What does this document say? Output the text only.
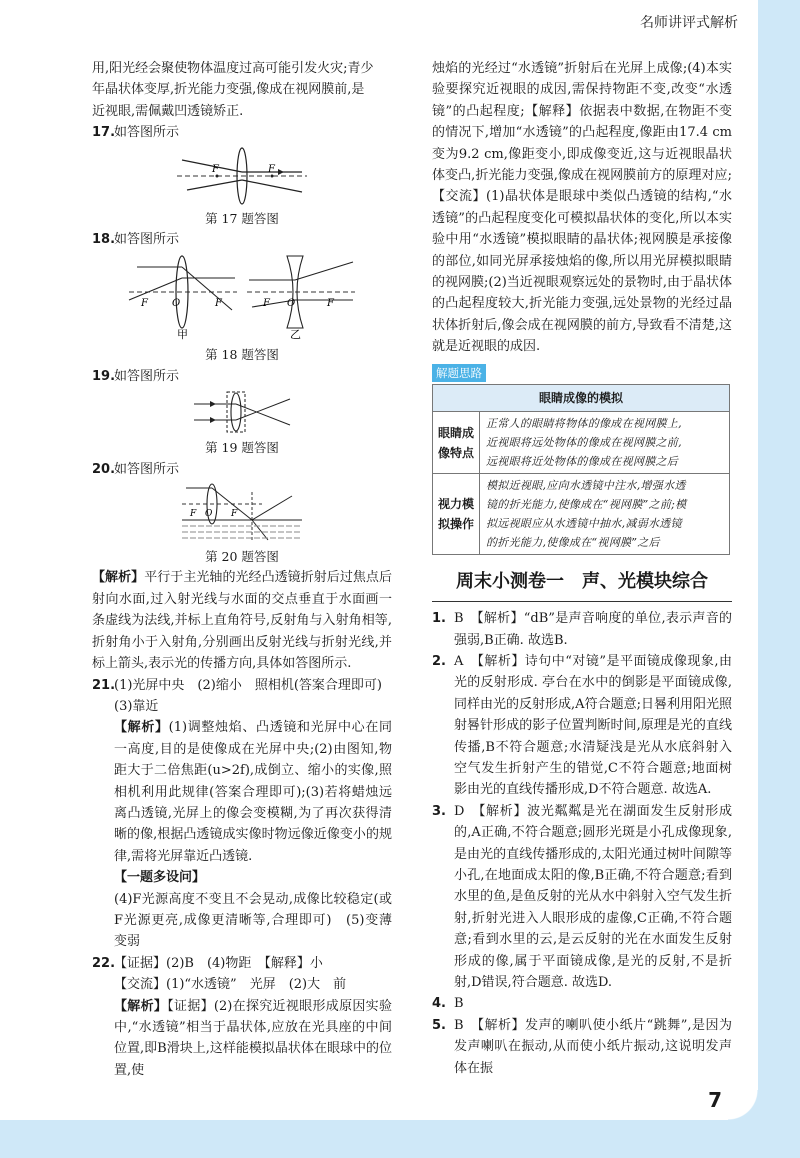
名师讲评式解析

用,阳光经会聚使物体温度过高可能引发火灾;青少

年晶状体变厚,折光能力变强,像成在视网膜前,是

近视眼,需佩戴凹透镜矫正.

17.如答图所示

F	F
第 17 题答图

18.如答图所示

F O	F
甲
F O	F
乙
第 18 题答图

19.如答图所示

第 19 题答图

20.如答图所示

F O F
第 20 题答图

【解析】平行于主光轴的光经凸透镜折射后过焦点后射向水面,过入射光线与水面的交点垂直于水面画一条虚线为法线,并标上直角符号,反射角与入射角相等,折射角小于入射角,分别画出反射光线与折射光线,并标上箭头,表示光的传播方向,具体如答图所示.

21.(1)光屏中央　(2)缩小　照相机(答案合理即可)

(3)靠近

【解析】(1)调整烛焰、凸透镜和光屏中心在同一高度,目的是使像成在光屏中央;(2)由图知,物距大于二倍焦距(u>2f),成倒立、缩小的实像,照相机利用此规律(答案合理即可);(3)若将蜡烛远离凸透镜,光屏上的像会变模糊,为了再次获得清晰的像,根据凸透镜成实像时物远像近像变小的规律,需将光屏靠近凸透镜.

【一题多设问】

(4)F光源高度不变且不会晃动,成像比较稳定(或F光源更亮,成像更清晰等,合理即可)　(5)变薄　变弱

22.【证据】(2)B　(4)物距　【解释】小

【交流】(1)“水透镜”　光屏　(2)大　前

【解析】【证据】(2)在探究近视眼形成原因实验中,“水透镜”相当于晶状体,应放在光具座的中间位置,即B滑块上,这样能模拟晶状体在眼球中的位置,使

烛焰的光经过“水透镜”折射后在光屏上成像;(4)本实验要探究近视眼的成因,需保持物距不变,改变“水透镜”的凸起程度;【解释】依据表中数据,在物距不变的情况下,增加“水透镜”的凸起程度,像距由17.4 cm变为9.2 cm,像距变小,即成像变近,这与近视眼晶状体变凸,折光能力变强,像成在视网膜前方的原理对应;【交流】(1)晶状体是眼球中类似凸透镜的结构,“水透镜”的凸起程度变化可模拟晶状体的变化,所以本实验中用“水透镜”模拟眼睛的晶状体;视网膜是承接像的部位,如同光屏承接烛焰的像,所以用光屏模拟眼睛的视网膜;(2)当近视眼观察远处的景物时,由于晶状体的凸起程度较大,折光能力变强,远处景物的光经过晶状体折射后,像会成在视网膜的前方,导致看不清楚,这就是近视眼的成因.

解题思路
眼睛成像的模拟	
眼睛成像特点	正常人的眼睛将物体的像成在视网膜上,
近视眼将远处物体的像成在视网膜之前,
远视眼将近处物体的像成在视网膜之后

视力模拟操作	模拟近视眼,应向水透镜中注水,增强水透
镜的折光能力,使像成在“视网膜”之前;模
拟远视眼应从水透镜中抽水,减弱水透镜
的折光能力,使像成在“视网膜”之后
周末小测卷一　声、光模块综合

1. B　【解析】“dB”是声音响度的单位,表示声音的强弱,B正确. 故选B.

2. A　【解析】诗句中“对镜”是平面镜成像现象,由光的反射形成. 亭台在水中的倒影是平面镜成像,同样由光的反射形成,A符合题意;日晷利用阳光照射晷针形成的影子位置判断时间,原理是光的直线传播,B不符合题意;水清疑浅是光从水底斜射入空气发生折射产生的错觉,C不符合题意;地面树影由光的直线传播形成,D不符合题意. 故选A.

3. D　【解析】波光粼粼是光在湖面发生反射形成的,A正确,不符合题意;圆形光斑是小孔成像现象,是由光的直线传播形成的,太阳光通过树叶间隙等小孔,在地面成太阳的像,B正确,不符合题意;看到水里的鱼,是鱼反射的光从水中斜射入空气发生折射,折射光进入人眼形成的虚像,C正确,不符合题意;看到水里的云,是云反射的光在水面发生反射形成的像,属于平面镜成像,是光的反射,不是折射,D错误,符合题意. 故选D.

4. B

5. B　【解析】发声的喇叭使小纸片“跳舞”,是因为发声喇叭在振动,从而使小纸片振动,这说明发声体在振

7
